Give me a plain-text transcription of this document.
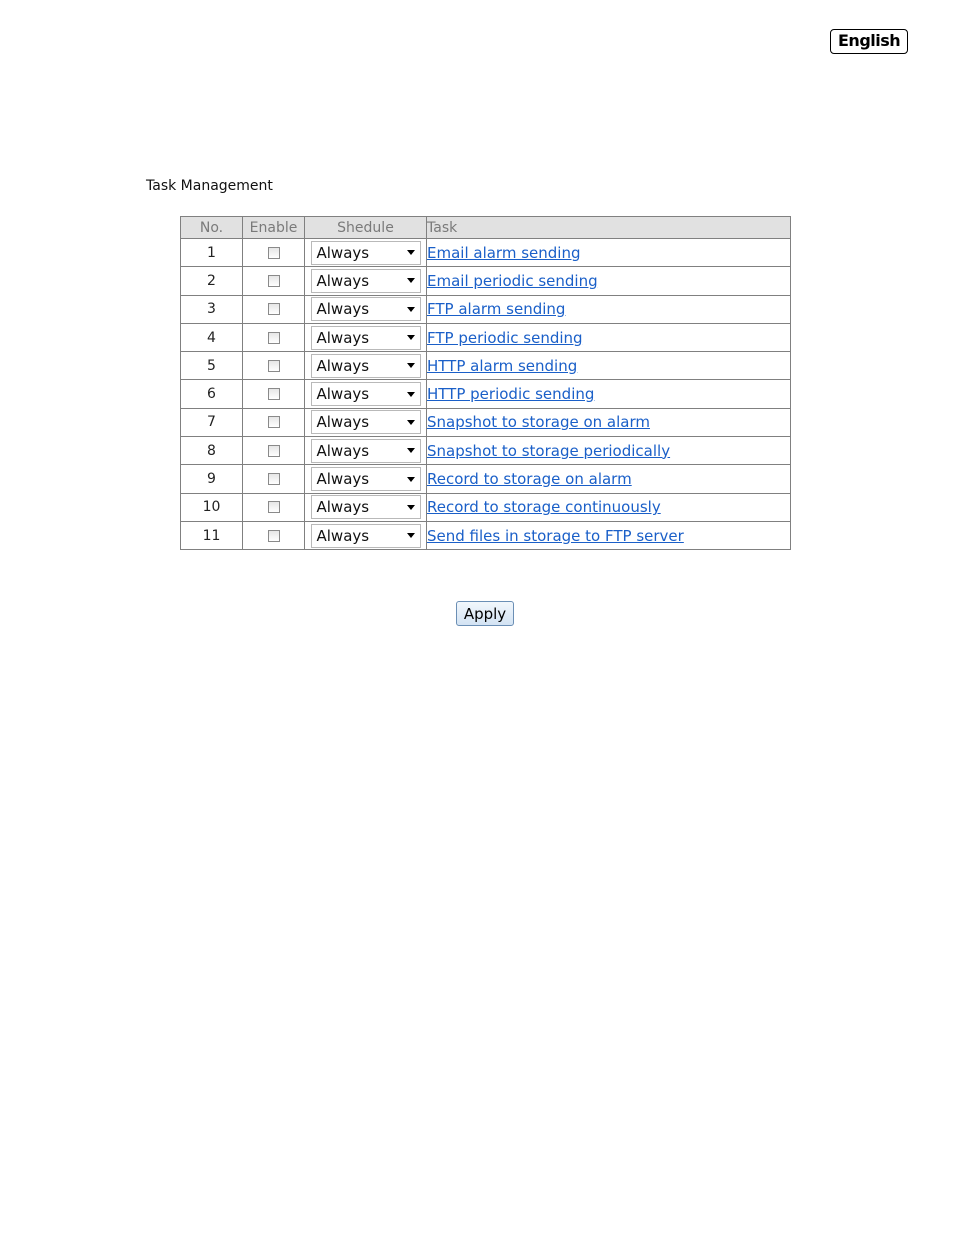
English
Task Management
No.	Enable	Shedule	Task
1		Always	Email alarm sending
2		Always	Email periodic sending
3		Always	FTP alarm sending
4		Always	FTP periodic sending
5		Always	HTTP alarm sending
6		Always	HTTP periodic sending
7		Always	Snapshot to storage on alarm
8		Always	Snapshot to storage periodically
9		Always	Record to storage on alarm
10		Always	Record to storage continuously
11		Always	Send files in storage to FTP server
Apply
